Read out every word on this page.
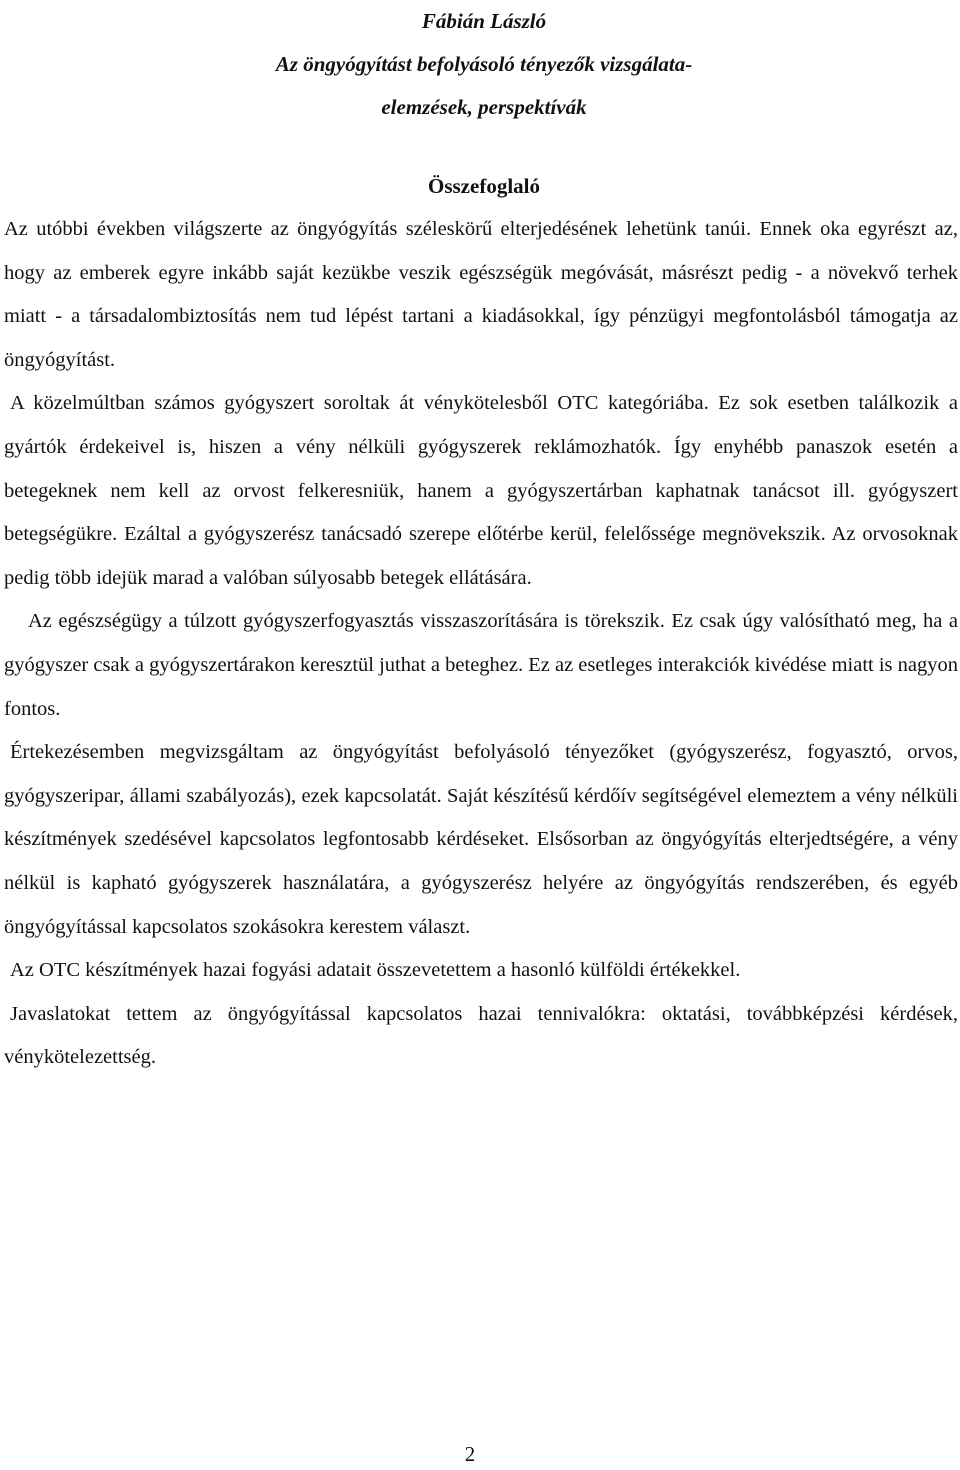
Fábián László
Az öngyógyítást befolyásoló tényezők vizsgálata-
elemzések, perspektívák
Összefoglaló

Az utóbbi években világszerte az öngyógyítás széleskörű elterjedésének lehetünk tanúi. Ennek oka egyrészt az, hogy az emberek egyre inkább saját kezükbe veszik egészségük megóvását, másrészt pedig - a növekvő terhek miatt - a társadalombiztosítás nem tud lépést tartani a kiadásokkal, így pénzügyi megfontolásból támogatja az öngyógyítást.

A közelmúltban számos gyógyszert soroltak át vénykötelesből OTC kategóriába. Ez sok esetben találkozik a gyártók érdekeivel is, hiszen a vény nélküli gyógyszerek reklámozhatók. Így enyhébb panaszok esetén a betegeknek nem kell az orvost felkeresniük, hanem a gyógyszertárban kaphatnak tanácsot ill. gyógyszert betegségükre. Ezáltal a gyógyszerész tanácsadó szerepe előtérbe kerül, felelőssége megnövekszik. Az orvosoknak pedig több idejük marad a valóban súlyosabb betegek ellátására.

Az egészségügy a túlzott gyógyszerfogyasztás visszaszorítására is törekszik. Ez csak úgy valósítható meg, ha a gyógyszer csak a gyógyszertárakon keresztül juthat a beteghez. Ez az esetleges interakciók kivédése miatt is nagyon fontos.

Értekezésemben megvizsgáltam az öngyógyítást befolyásoló tényezőket (gyógyszerész, fogyasztó, orvos, gyógyszeripar, állami szabályozás), ezek kapcsolatát. Saját készítésű kérdőív segítségével elemeztem a vény nélküli készítmények szedésével kapcsolatos legfontosabb kérdéseket. Elsősorban az öngyógyítás elterjedtségére, a vény nélkül is kapható gyógyszerek használatára, a gyógyszerész helyére az öngyógyítás rendszerében, és egyéb öngyógyítással kapcsolatos szokásokra kerestem választ.

Az OTC készítmények hazai fogyási adatait összevetettem a hasonló külföldi értékekkel.

Javaslatokat tettem az öngyógyítással kapcsolatos hazai tennivalókra: oktatási, továbbképzési kérdések, vénykötelezettség.

2
